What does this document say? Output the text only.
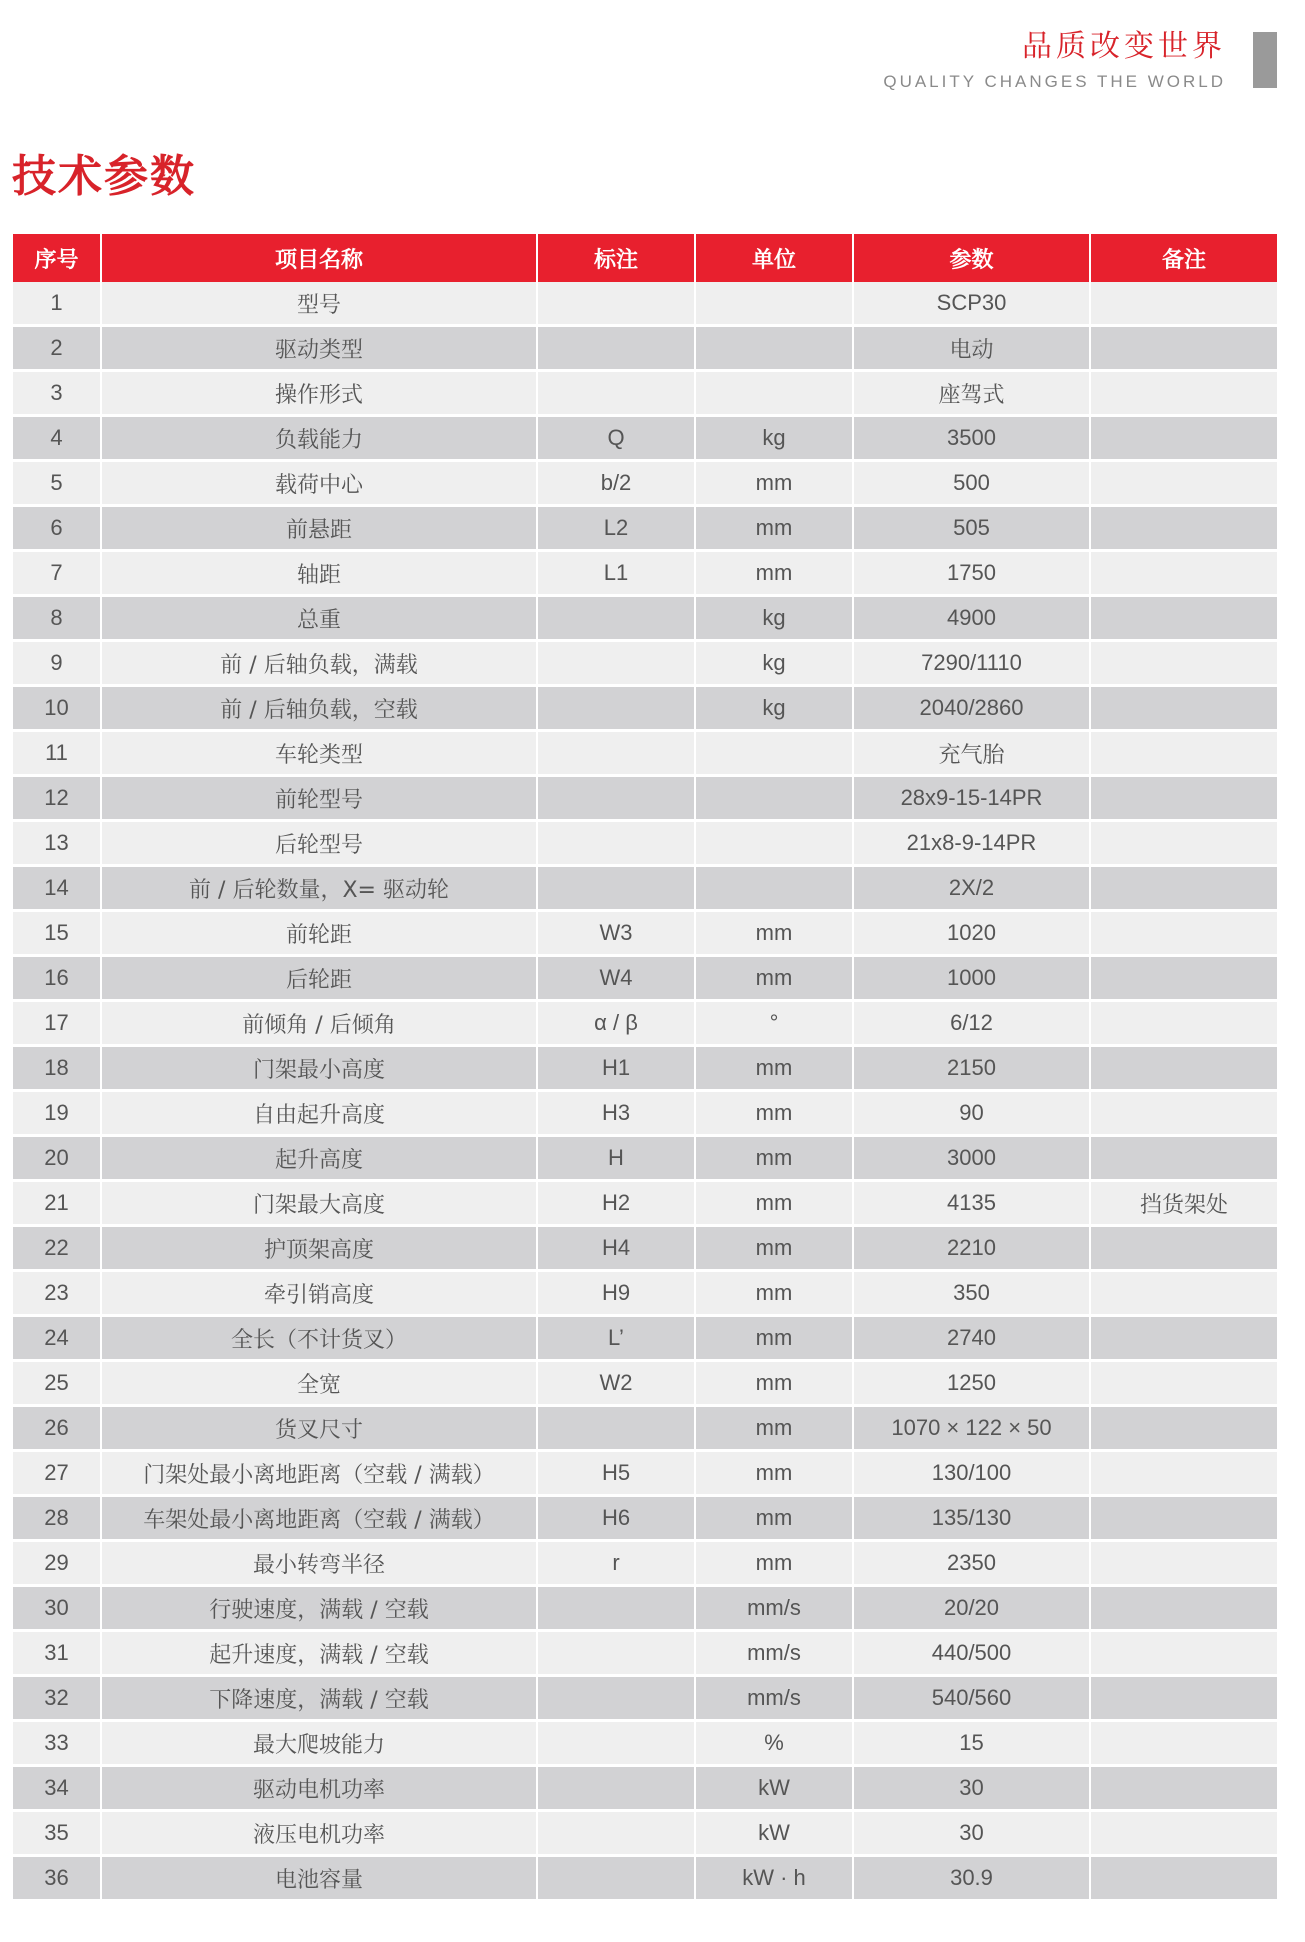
品质改变世界
QUALITY CHANGES THE WORLD
技术参数
序号	项目名称	标注	单位	参数	备注
1	型号			SCP30	
2	驱动类型			电动	
3	操作形式			座驾式	
4	负载能力	Q	kg	3500	
5	载荷中心	b/2	mm	500	
6	前悬距	L2	mm	505	
7	轴距	L1	mm	1750	
8	总重		kg	4900	
9	前 / 后轴负载，满载		kg	7290/1110	
10	前 / 后轴负载，空载		kg	2040/2860	
11	车轮类型			充气胎	
12	前轮型号			28x9-15-14PR	
13	后轮型号			21x8-9-14PR	
14	前 / 后轮数量，X= 驱动轮			2X/2	
15	前轮距	W3	mm	1020	
16	后轮距	W4	mm	1000	
17	前倾角 / 后倾角	α / β	°	6/12	
18	门架最小高度	H1	mm	2150	
19	自由起升高度	H3	mm	90	
20	起升高度	H	mm	3000	
21	门架最大高度	H2	mm	4135	挡货架处
22	护顶架高度	H4	mm	2210	
23	牵引销高度	H9	mm	350	
24	全长（不计货叉）	L’	mm	2740	
25	全宽	W2	mm	1250	
26	货叉尺寸		mm	1070 × 122 × 50	
27	门架处最小离地距离（空载 / 满载）	H5	mm	130/100	
28	车架处最小离地距离（空载 / 满载）	H6	mm	135/130	
29	最小转弯半径	r	mm	2350	
30	行驶速度，满载 / 空载		mm/s	20/20	
31	起升速度，满载 / 空载		mm/s	440/500	
32	下降速度，满载 / 空载		mm/s	540/560	
33	最大爬坡能力		%	15	
34	驱动电机功率		kW	30	
35	液压电机功率		kW	30	
36	电池容量		kW · h	30.9	
